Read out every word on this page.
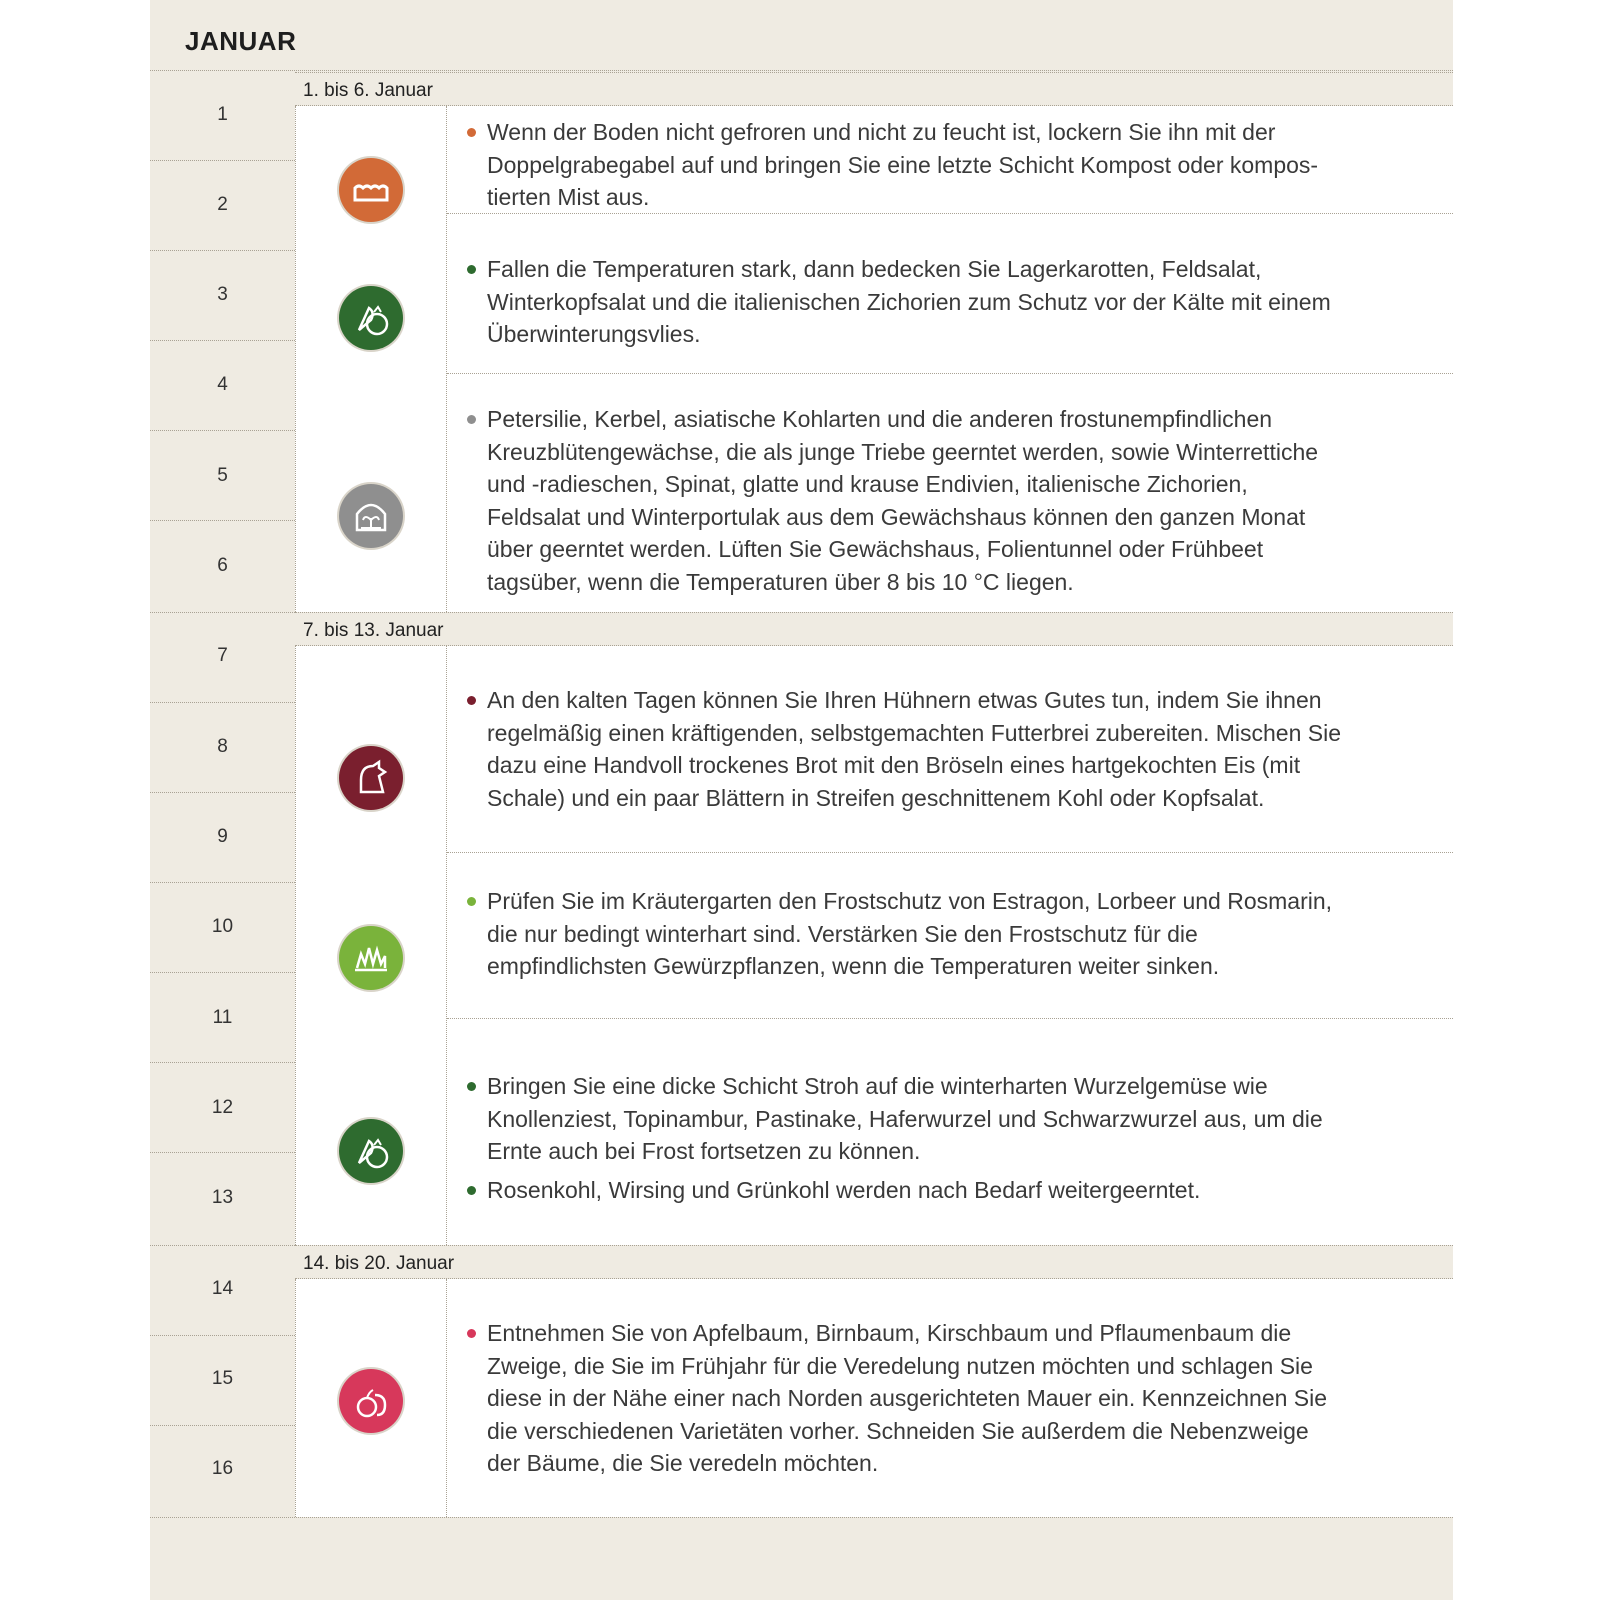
JANUAR
1
2
3
4
5
6
7
8
9
10
11
12
13
14
15
16
1. bis 6. Januar
Wenn der Boden nicht gefroren und nicht zu feucht ist, lockern Sie ihn mit der Doppelgrabegabel auf und bringen Sie eine letzte Schicht Kompost oder kompostierten Mist aus.
Fallen die Temperaturen stark, dann bedecken Sie Lagerkarotten, Feldsalat, Winterkopfsalat und die italienischen Zichorien zum Schutz vor der Kälte mit einem Überwinterungsvlies.
Petersilie, Kerbel, asiatische Kohlarten und die anderen frostunempfindlichen Kreuzblütengewächse, die als junge Triebe geerntet werden, sowie Winterrettiche und -radieschen, Spinat, glatte und krause Endivien, italienische Zichorien, Feldsalat und Winterportulak aus dem Gewächshaus können den ganzen Monat über geerntet werden. Lüften Sie Gewächshaus, Folientunnel oder Frühbeet tagsüber, wenn die Temperaturen über 8 bis 10 °C liegen.
7. bis 13. Januar
An den kalten Tagen können Sie Ihren Hühnern etwas Gutes tun, indem Sie ihnen regelmäßig einen kräftigenden, selbstgemachten Futterbrei zubereiten. Mischen Sie dazu eine Handvoll trockenes Brot mit den Bröseln eines hartgekochten Eis (mit Schale) und ein paar Blättern in Streifen geschnittenem Kohl oder Kopfsalat.
Prüfen Sie im Kräutergarten den Frostschutz von Estragon, Lorbeer und Rosmarin, die nur bedingt winterhart sind. Verstärken Sie den Frostschutz für die empfindlichsten Gewürzpflanzen, wenn die Temperaturen weiter sinken.
Bringen Sie eine dicke Schicht Stroh auf die winterharten Wurzelgemüse wie Knollenziest, Topinambur, Pastinake, Haferwurzel und Schwarzwurzel aus, um die Ernte auch bei Frost fortsetzen zu können.
Rosenkohl, Wirsing und Grünkohl werden nach Bedarf weitergeerntet.
14. bis 20. Januar
Entnehmen Sie von Apfelbaum, Birnbaum, Kirschbaum und Pflaumenbaum die Zweige, die Sie im Frühjahr für die Veredelung nutzen möchten und schlagen Sie diese in der Nähe einer nach Norden ausgerichteten Mauer ein. Kennzeichnen Sie die verschiedenen Varietäten vorher. Schneiden Sie außerdem die Nebenzweige der Bäume, die Sie veredeln möchten.
